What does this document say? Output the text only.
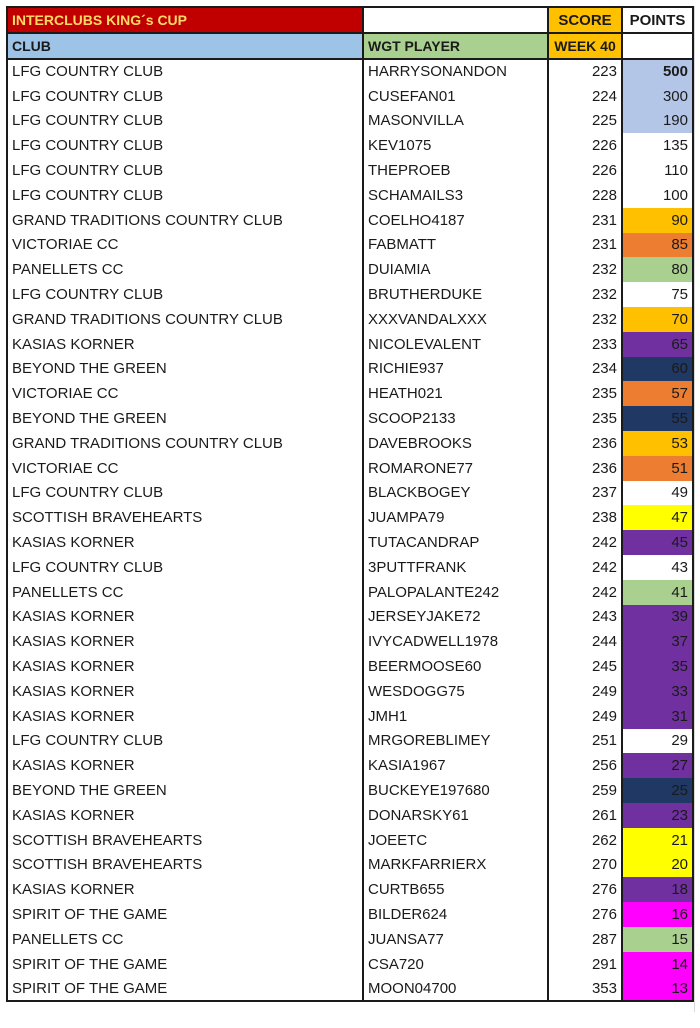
INTERCLUBS KING´s CUP		SCORE	POINTS
CLUB	WGT PLAYER	WEEK 40	
LFG COUNTRY CLUB	HARRYSONANDON	223	500
LFG COUNTRY CLUB	CUSEFAN01	224	300
LFG COUNTRY CLUB	MASONVILLA	225	190
LFG COUNTRY CLUB	KEV1075	226	135
LFG COUNTRY CLUB	THEPROEB	226	110
LFG COUNTRY CLUB	SCHAMAILS3	228	100
GRAND TRADITIONS COUNTRY CLUB	COELHO4187	231	90
VICTORIAE CC	FABMATT	231	85
PANELLETS CC	DUIAMIA	232	80
LFG COUNTRY CLUB	BRUTHERDUKE	232	75
GRAND TRADITIONS COUNTRY CLUB	XXXVANDALXXX	232	70
KASIAS KORNER	NICOLEVALENT	233	65
BEYOND THE GREEN	RICHIE937	234	60
VICTORIAE CC	HEATH021	235	57
BEYOND THE GREEN	SCOOP2133	235	55
GRAND TRADITIONS COUNTRY CLUB	DAVEBROOKS	236	53
VICTORIAE CC	ROMARONE77	236	51
LFG COUNTRY CLUB	BLACKBOGEY	237	49
SCOTTISH BRAVEHEARTS	JUAMPA79	238	47
KASIAS KORNER	TUTACANDRAP	242	45
LFG COUNTRY CLUB	3PUTTFRANK	242	43
PANELLETS CC	PALOPALANTE242	242	41
KASIAS KORNER	JERSEYJAKE72	243	39
KASIAS KORNER	IVYCADWELL1978	244	37
KASIAS KORNER	BEERMOOSE60	245	35
KASIAS KORNER	WESDOGG75	249	33
KASIAS KORNER	JMH1	249	31
LFG COUNTRY CLUB	MRGOREBLIMEY	251	29
KASIAS KORNER	KASIA1967	256	27
BEYOND THE GREEN	BUCKEYE197680	259	25
KASIAS KORNER	DONARSKY61	261	23
SCOTTISH BRAVEHEARTS	JOEETC	262	21
SCOTTISH BRAVEHEARTS	MARKFARRIERX	270	20
KASIAS KORNER	CURTB655	276	18
SPIRIT OF THE GAME	BILDER624	276	16
PANELLETS CC	JUANSA77	287	15
SPIRIT OF THE GAME	CSA720	291	14
SPIRIT OF THE GAME	MOON04700	353	13
